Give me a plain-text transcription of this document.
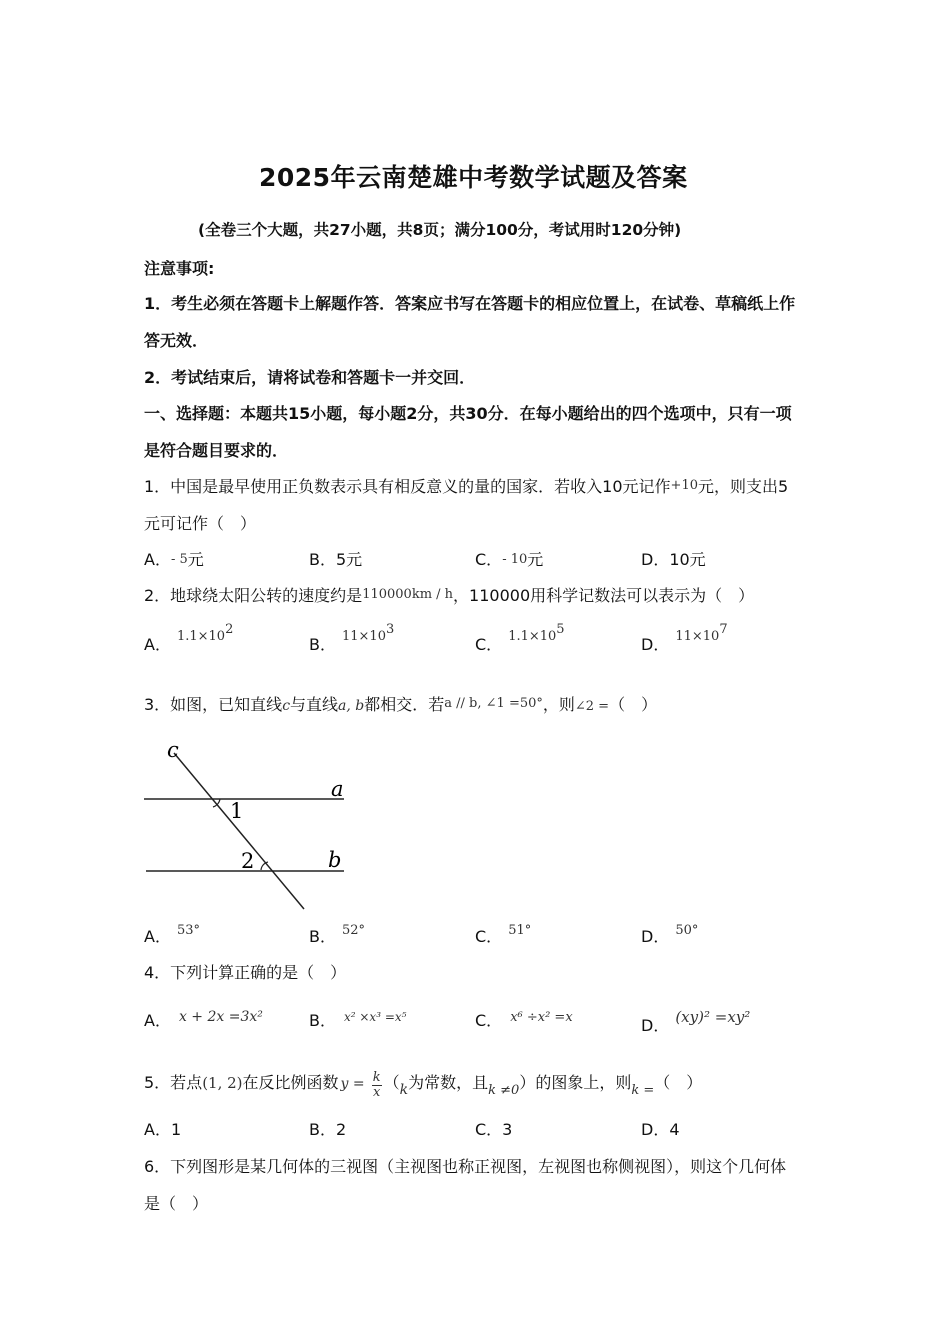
2025年云南楚雄中考数学试题及答案
(全卷三个大题，共27小题，共8页；满分100分，考试用时120分钟)
注意事项:
1．考生必须在答题卡上解题作答．答案应书写在答题卡的相应位置上，在试卷、草稿纸上作
答无效．
2．考试结束后，请将试卷和答题卡一并交回．
一、选择题：本题共15小题，每小题2分，共30分．在每小题给出的四个选项中，只有一项
是符合题目要求的．
1．中国是最早使用正负数表示具有相反意义的量的国家．若收入10元记作+10元，则支出5
元可记作（　）
A．- 5元	B．5元	C．- 10元	D．10元
2．地球绕太阳公转的速度约是110000km / h，110000用科学记数法可以表示为（　）
A． $1.1\times 10^2$
B． $11\times 10^3$
C． $1.1\times 10^5$
D． $11\times 10^7$
3．如图，已知直线c与直线a, b都相交．若a // b, ∠1 =50°，则∠2 =（　）
c
a
b
1
2
A． $^{53^\circ}$	B． $^{52^\circ}$	C． $^{51^\circ}$	D． $^{50^\circ}$
4．下列计算正确的是（　）
A． x + 2x =3x²	B． $^{x^2 \times x^3 =x^5}$	C． $^{x^6 \div x^2 =x}$	D． (xy)² =xy²
5．若点(1, 2)在反比例函数 $y = \frac{k}{x} (k$为常数，且$_{k \ne 0}$）的图象上，则$_{k =}$（　）
A．1	B．2	C．3	D．4
6．下列图形是某几何体的三视图（主视图也称正视图，左视图也称侧视图），则这个几何体
是（　）
